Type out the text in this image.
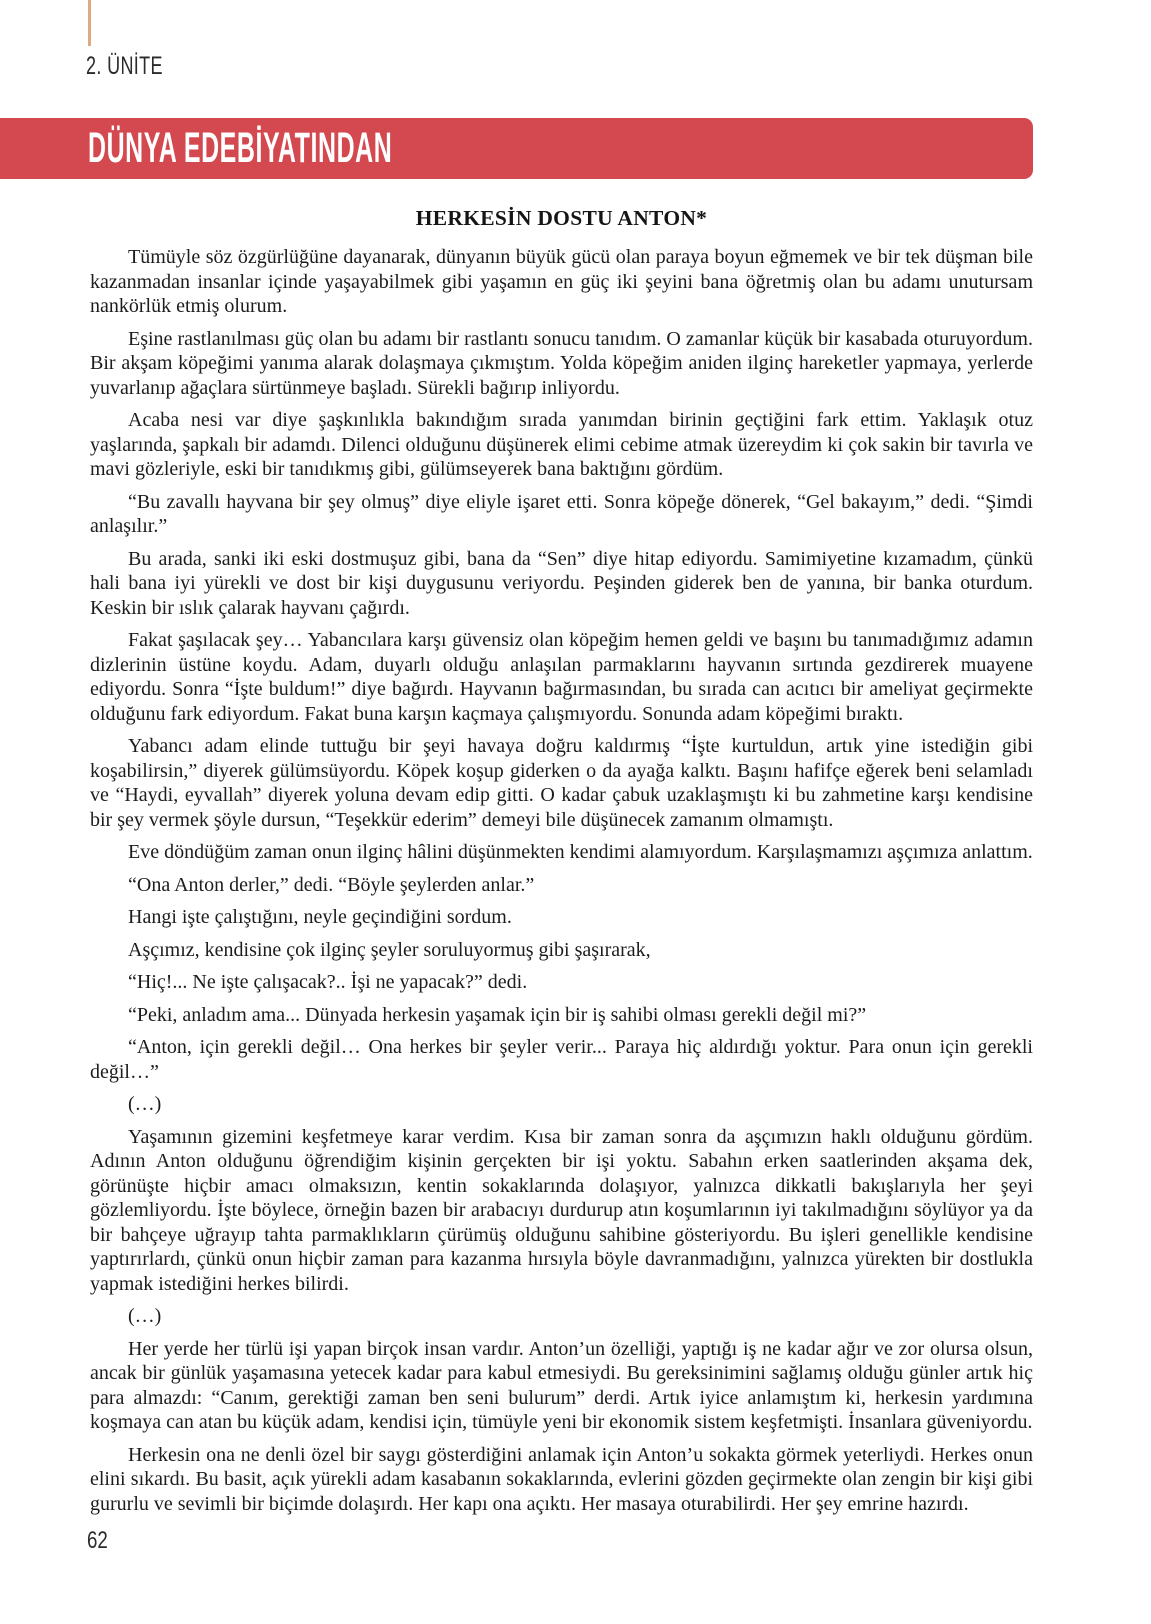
2. ÜNİTE
DÜNYA EDEBİYATINDAN
HERKESİN DOSTU ANTON*

Tümüyle söz özgürlüğüne dayanarak, dünyanın büyük gücü olan paraya boyun eğmemek ve bir tek düşman bile kazanmadan insanlar içinde yaşayabilmek gibi yaşamın en güç iki şeyini bana öğretmiş olan bu adamı unutursam nankörlük etmiş olurum.

Eşine rastlanılması güç olan bu adamı bir rastlantı sonucu tanıdım. O zamanlar küçük bir kasabada oturuyordum. Bir akşam köpeğimi yanıma alarak dolaşmaya çıkmıştım. Yolda köpeğim aniden ilginç hareketler yapmaya, yerlerde yuvarlanıp ağaçlara sürtünmeye başladı. Sürekli bağırıp inliyordu.

Acaba nesi var diye şaşkınlıkla bakındığım sırada yanımdan birinin geçtiğini fark ettim. Yaklaşık otuz yaşlarında, şapkalı bir adamdı. Dilenci olduğunu düşünerek elimi cebime atmak üzereydim ki çok sakin bir tavırla ve mavi gözleriyle, eski bir tanıdıkmış gibi, gülümseyerek bana baktığını gördüm.

“Bu zavallı hayvana bir şey olmuş” diye eliyle işaret etti. Sonra köpeğe dönerek, “Gel bakayım,” dedi. “Şimdi anlaşılır.”

Bu arada, sanki iki eski dostmuşuz gibi, bana da “Sen” diye hitap ediyordu. Samimiyetine kızamadım, çünkü hali bana iyi yürekli ve dost bir kişi duygusunu veriyordu. Peşinden giderek ben de yanına, bir banka oturdum. Keskin bir ıslık çalarak hayvanı çağırdı.

Fakat şaşılacak şey… Yabancılara karşı güvensiz olan köpeğim hemen geldi ve başını bu tanımadığımız adamın dizlerinin üstüne koydu. Adam, duyarlı olduğu anlaşılan parmaklarını hayvanın sırtında gezdirerek muayene ediyordu. Sonra “İşte buldum!” diye bağırdı. Hayvanın bağırmasından, bu sırada can acıtıcı bir ameliyat geçirmekte olduğunu fark ediyordum. Fakat buna karşın kaçmaya çalışmıyordu. Sonunda adam köpeğimi bıraktı.

Yabancı adam elinde tuttuğu bir şeyi havaya doğru kaldırmış “İşte kurtuldun, artık yine istediğin gibi koşabilirsin,” diyerek gülümsüyordu. Köpek koşup giderken o da ayağa kalktı. Başını hafifçe eğerek beni selamladı ve “Haydi, eyvallah” diyerek yoluna devam edip gitti. O kadar çabuk uzaklaşmıştı ki bu zahmetine karşı kendisine bir şey vermek şöyle dursun, “Teşekkür ederim” demeyi bile düşünecek zamanım olmamıştı.

Eve döndüğüm zaman onun ilginç hâlini düşünmekten kendimi alamıyordum. Karşılaşmamızı aşçımıza anlattım.

“Ona Anton derler,” dedi. “Böyle şeylerden anlar.”

Hangi işte çalıştığını, neyle geçindiğini sordum.

Aşçımız, kendisine çok ilginç şeyler soruluyormuş gibi şaşırarak,

“Hiç!... Ne işte çalışacak?.. İşi ne yapacak?” dedi.

“Peki, anladım ama... Dünyada herkesin yaşamak için bir iş sahibi olması gerekli değil mi?”

“Anton, için gerekli değil… Ona herkes bir şeyler verir... Paraya hiç aldırdığı yoktur. Para onun için gerekli değil…”

(…)

Yaşamının gizemini keşfetmeye karar verdim. Kısa bir zaman sonra da aşçımızın haklı olduğunu gördüm. Adının Anton olduğunu öğrendiğim kişinin gerçekten bir işi yoktu. Sabahın erken saatlerinden akşama dek, görünüşte hiçbir amacı olmaksızın, kentin sokaklarında dolaşıyor, yalnızca dikkatli bakışlarıyla her şeyi gözlemliyordu. İşte böylece, örneğin bazen bir arabacıyı durdurup atın koşumlarının iyi takılmadığını söylüyor ya da bir bahçeye uğrayıp tahta parmaklıkların çürümüş olduğunu sahibine gösteriyordu. Bu işleri genellikle kendisine yaptırırlardı, çünkü onun hiçbir zaman para kazanma hırsıyla böyle davranmadığını, yalnızca yürekten bir dostlukla yapmak istediğini herkes bilirdi.

(…)

Her yerde her türlü işi yapan birçok insan vardır. Anton’un özelliği, yaptığı iş ne kadar ağır ve zor olursa olsun, ancak bir günlük yaşamasına yetecek kadar para kabul etmesiydi. Bu gereksinimini sağlamış olduğu günler artık hiç para almazdı: “Canım, gerektiği zaman ben seni bulurum” derdi. Artık iyice anlamıştım ki, herkesin yardımına koşmaya can atan bu küçük adam, kendisi için, tümüyle yeni bir ekonomik sistem keşfetmişti. İnsanlara güveniyordu.

Herkesin ona ne denli özel bir saygı gösterdiğini anlamak için Anton’u sokakta görmek yeterliydi. Herkes onun elini sıkardı. Bu basit, açık yürekli adam kasabanın sokaklarında, evlerini gözden geçirmekte olan zengin bir kişi gibi gururlu ve sevimli bir biçimde dolaşırdı. Her kapı ona açıktı. Her masaya oturabilirdi. Her şey emrine hazırdı.

62
